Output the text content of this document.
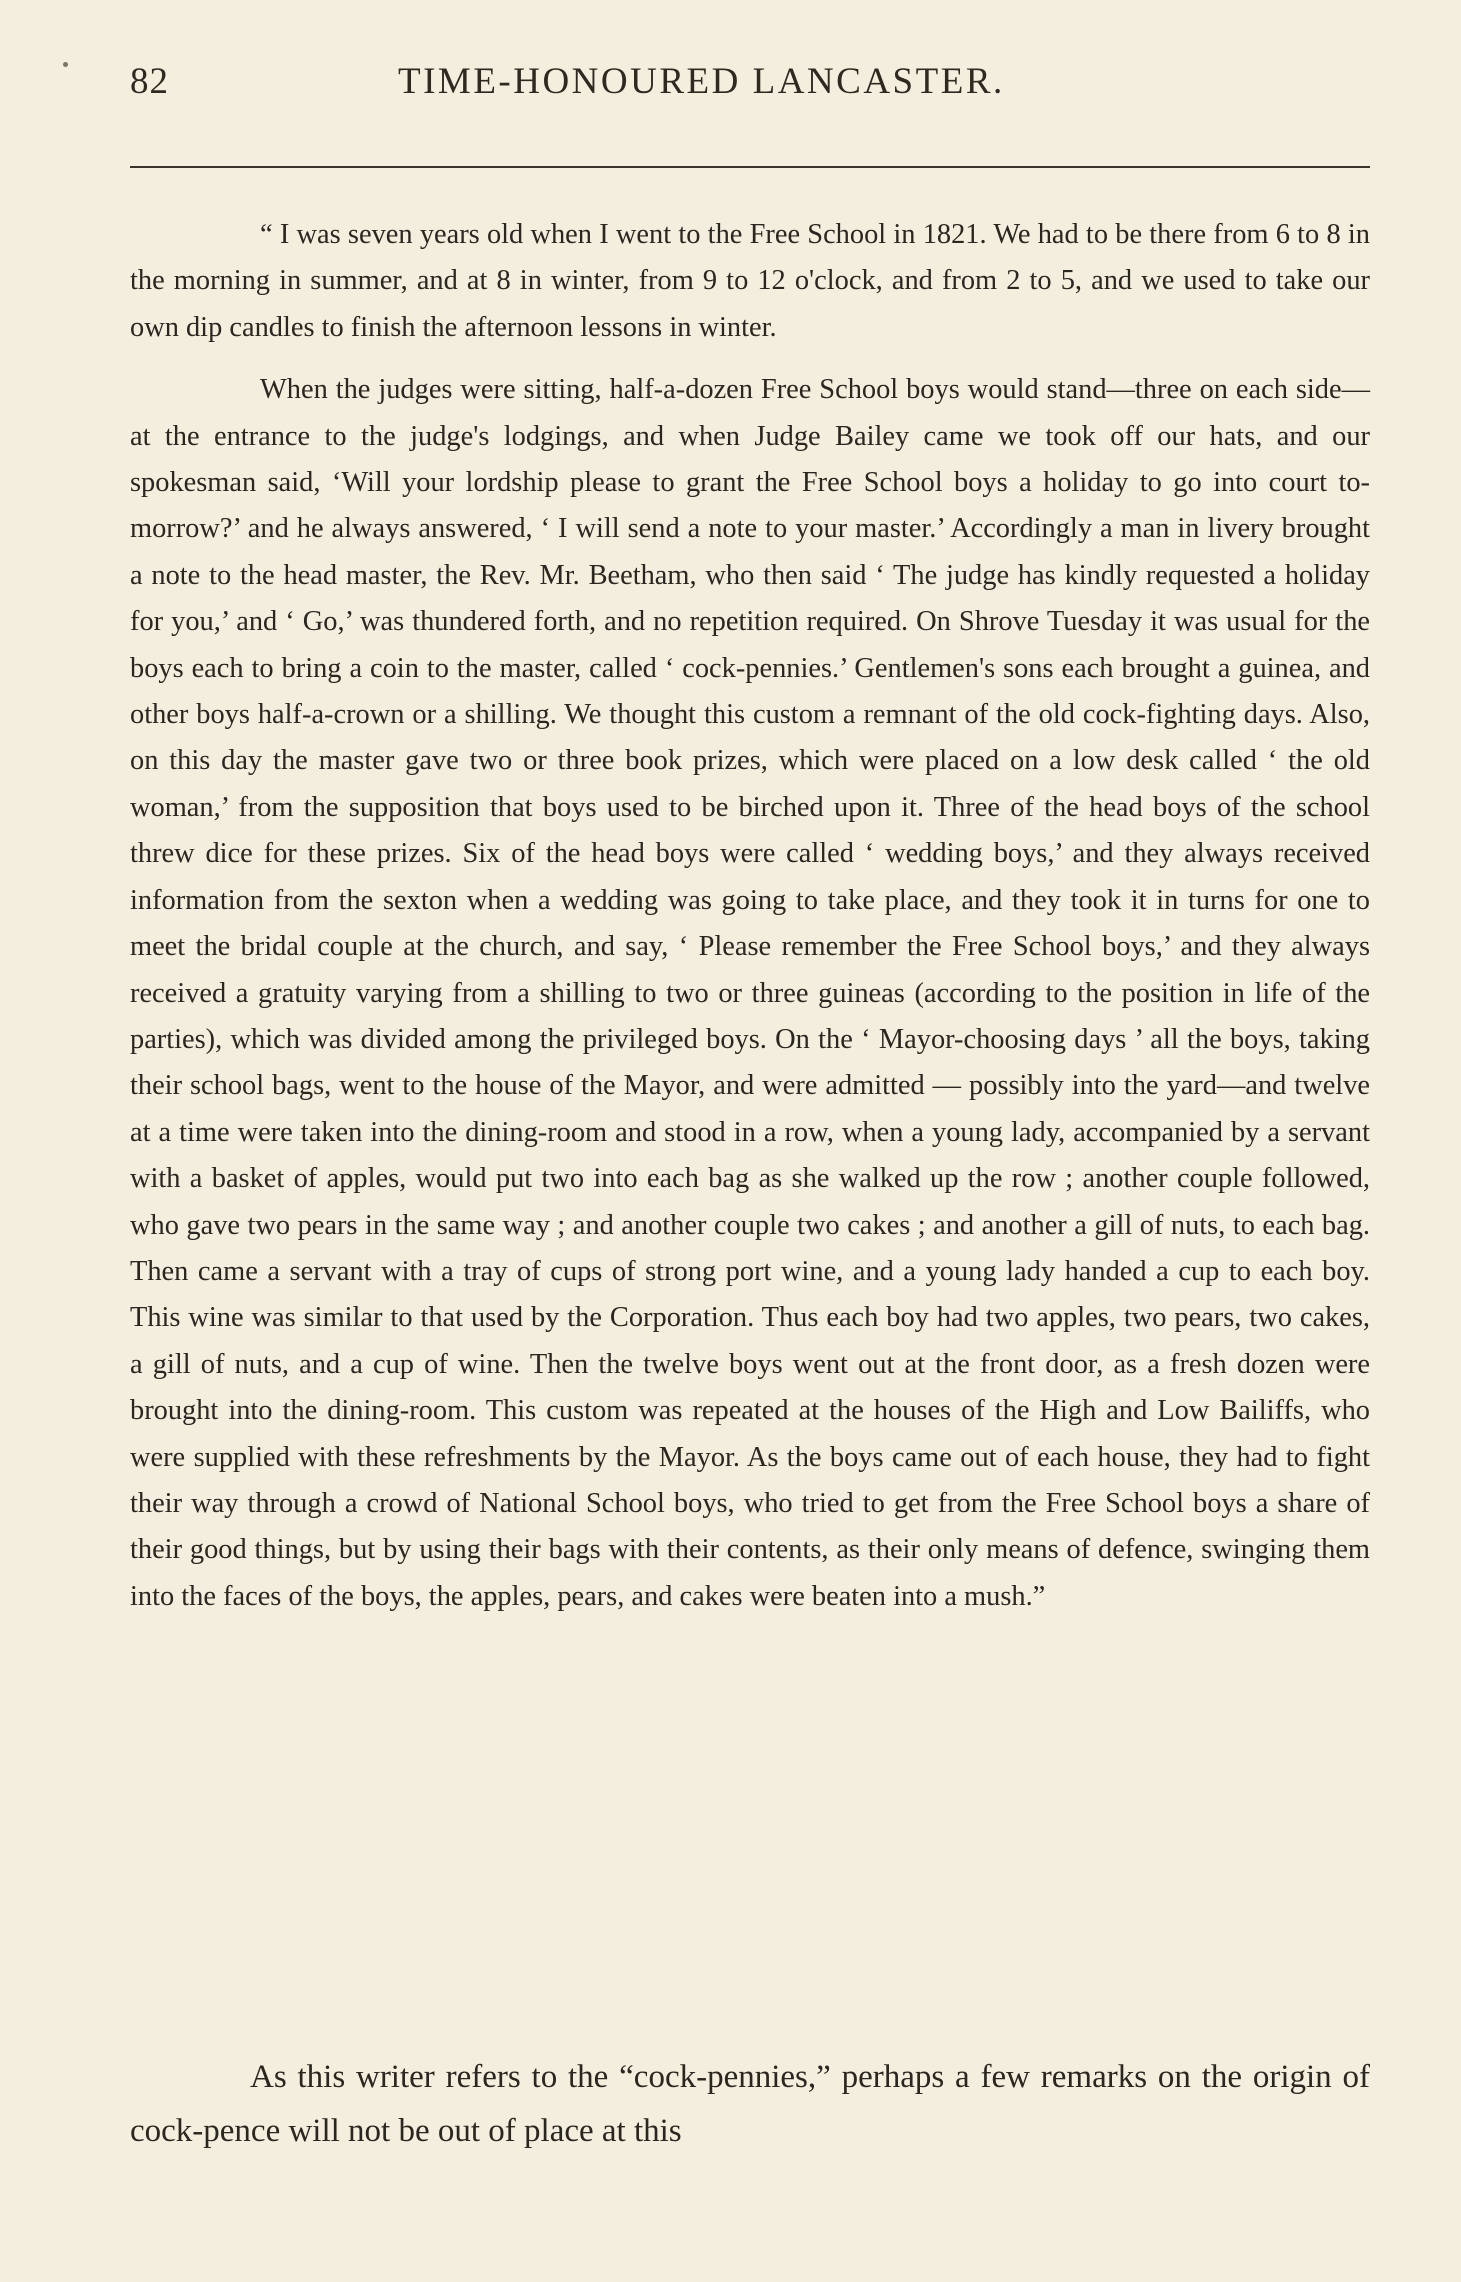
82	TIME-HONOURED LANCASTER.

“ I was seven years old when I went to the Free School in 1821. We had to be there from 6 to 8 in the morning in summer, and at 8 in winter, from 9 to 12 o'clock, and from 2 to 5, and we used to take our own dip candles to finish the afternoon lessons in winter.

When the judges were sitting, half-a-dozen Free School boys would stand—three on each side—at the entrance to the judge's lodgings, and when Judge Bailey came we took off our hats, and our spokesman said, ‘Will your lordship please to grant the Free School boys a holiday to go into court to-morrow?’ and he always answered, ‘ I will send a note to your master.’ Accordingly a man in livery brought a note to the head master, the Rev. Mr. Beetham, who then said ‘ The judge has kindly requested a holiday for you,’ and ‘ Go,’ was thundered forth, and no repetition required. On Shrove Tuesday it was usual for the boys each to bring a coin to the master, called ‘ cock-pennies.’ Gentlemen's sons each brought a guinea, and other boys half-a-crown or a shilling. We thought this custom a remnant of the old cock-fighting days. Also, on this day the master gave two or three book prizes, which were placed on a low desk called ‘ the old woman,’ from the supposition that boys used to be birched upon it. Three of the head boys of the school threw dice for these prizes. Six of the head boys were called ‘ wedding boys,’ and they always received information from the sexton when a wedding was going to take place, and they took it in turns for one to meet the bridal couple at the church, and say, ‘ Please remember the Free School boys,’ and they always received a gratuity varying from a shilling to two or three guineas (according to the position in life of the parties), which was divided among the privileged boys. On the ‘ Mayor-choosing days ’ all the boys, taking their school bags, went to the house of the Mayor, and were admitted — possibly into the yard—and twelve at a time were taken into the dining-room and stood in a row, when a young lady, accompanied by a servant with a basket of apples, would put two into each bag as she walked up the row ; another couple followed, who gave two pears in the same way ; and another couple two cakes ; and another a gill of nuts, to each bag. Then came a servant with a tray of cups of strong port wine, and a young lady handed a cup to each boy. This wine was similar to that used by the Corporation. Thus each boy had two apples, two pears, two cakes, a gill of nuts, and a cup of wine. Then the twelve boys went out at the front door, as a fresh dozen were brought into the dining-room. This custom was repeated at the houses of the High and Low Bailiffs, who were supplied with these refreshments by the Mayor. As the boys came out of each house, they had to fight their way through a crowd of National School boys, who tried to get from the Free School boys a share of their good things, but by using their bags with their contents, as their only means of defence, swinging them into the faces of the boys, the apples, pears, and cakes were beaten into a mush.”

As this writer refers to the “cock-pennies,” perhaps a few remarks on the origin of cock-pence will not be out of place at this
